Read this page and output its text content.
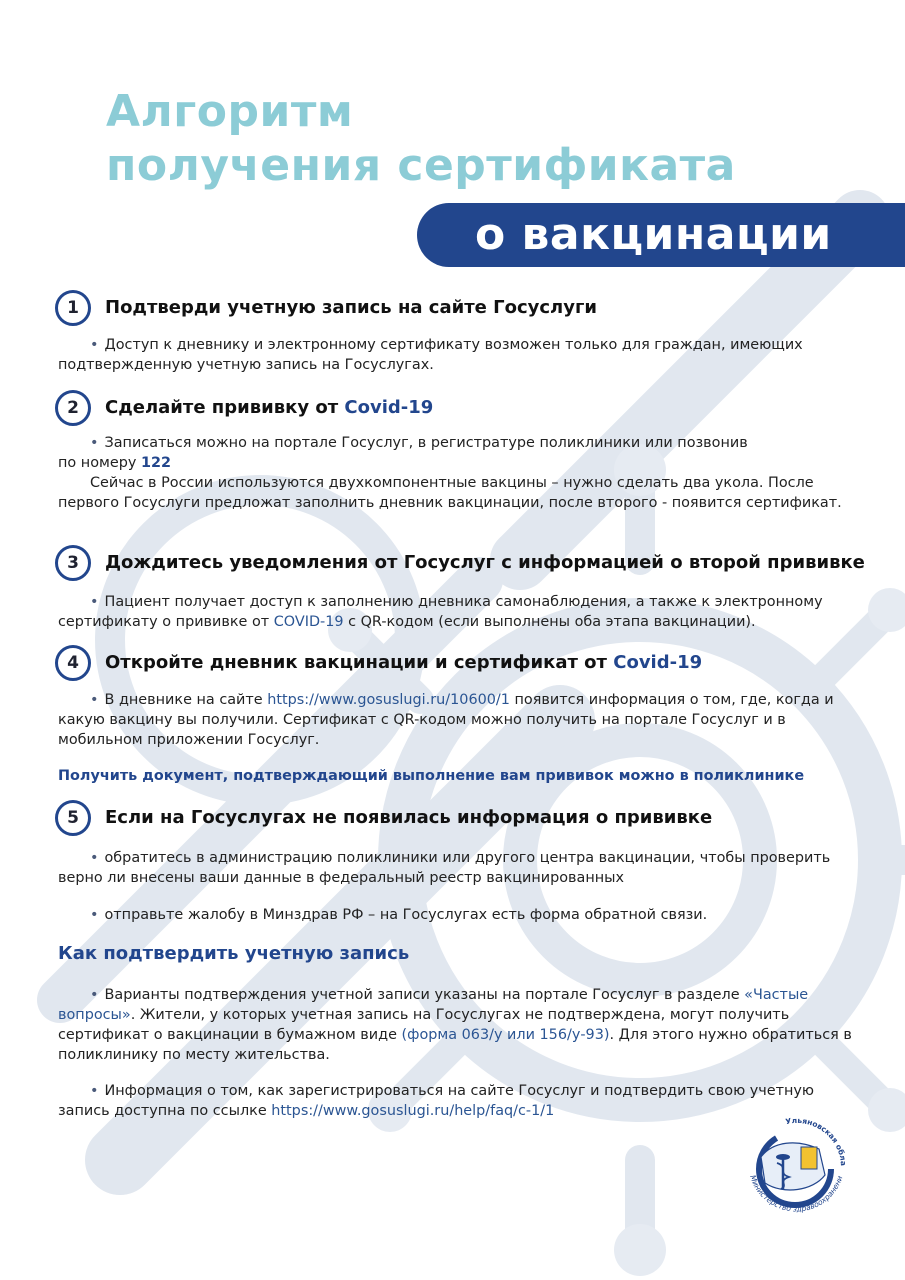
Алгоритм
получения сертификата
о вакцинации
1	Подтверди учетную запись на сайте Госуслуги
• Доступ к дневнику и электронному сертификату возможен только для граждан, имеющих подтвержденную учетную запись на Госуслугах.
2	Сделайте прививку от Covid-19
• Записаться можно на портале Госуслуг, в регистратуре поликлиники или позвонив
по номеру 122
Сейчас в России используются двухкомпонентные вакцины – нужно сделать два укола. После первого Госуслуги предложат заполнить дневник вакцинации, после второго - появится сертификат.
3	Дождитесь уведомления от Госуслуг с информацией о второй прививке
• Пациент получает доступ к заполнению дневника самонаблюдения, а также к электронному сертификату о прививке от COVID-19 с QR-кодом (если выполнены оба этапа вакцинации).
4	Откройте дневник вакцинации и сертификат от Covid-19
• В дневнике на сайте https://www.gosuslugi.ru/10600/1 появится информация о том, где, когда и какую вакцину вы получили. Сертификат с QR-кодом можно получить на портале Госуслуг и в мобильном приложении Госуслуг.
Получить документ, подтверждающий выполнение вам прививок можно в поликлинике
5	Если на Госуслугах не появилась информация о прививке
• обратитесь в администрацию поликлиники или другого центра вакцинации, чтобы проверить верно ли внесены ваши данные в федеральный реестр вакцинированных
• отправьте жалобу в Минздрав РФ – на Госуслугах есть форма обратной связи.
Как подтвердить учетную запись
• Варианты подтверждения учетной записи указаны на портале Госуслуг в разделе «Частые вопросы». Жители, у которых учетная запись на Госуслугах не подтверждена, могут получить сертификат о вакцинации в бумажном виде (форма 063/у или 156/у-93). Для этого нужно обратиться в поликлинику по месту жительства.
• Информация о том, как зарегистрироваться на сайте Госуслуг и подтвердить свою учетную запись доступна по ссылке https://www.gosuslugi.ru/help/faq/c-1/1
Ульяновская обла
Министерство здравоохранени
